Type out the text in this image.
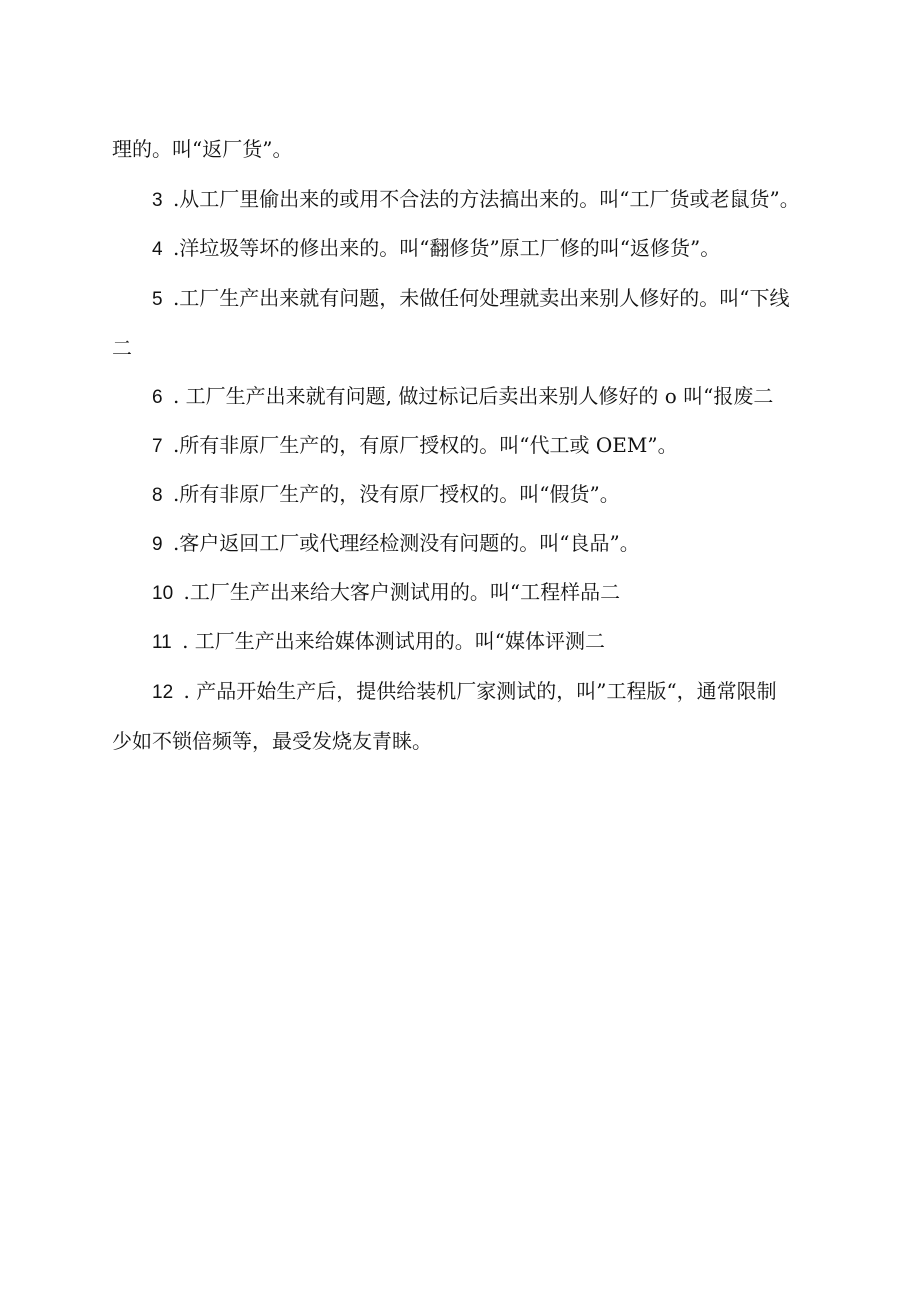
理的。叫“返厂货”。
3 .从工厂里偷出来的或用不合法的方法搞出来的。叫“工厂货或老鼠货”。
4 .洋垃圾等坏的修出来的。叫“翻修货”原工厂修的叫“返修货”。
5 .工厂生产出来就有问题，未做任何处理就卖出来别人修好的。叫“下线
二
6 . 工厂生产出来就有问题, 做过标记后卖出来别人修好的 o 叫“报废二
7 .所有非原厂生产的，有原厂授权的。叫“代工或 OEM”。
8 .所有非原厂生产的，没有原厂授权的。叫“假货”。
9 .客户返回工厂或代理经检测没有问题的。叫“良品”。
10 .工厂生产出来给大客户测试用的。叫“工程样品二
11 . 工厂生产出来给媒体测试用的。叫“媒体评测二
12 . 产品开始生产后，提供给装机厂家测试的，叫”工程版“，通常限制
少如不锁倍频等，最受发烧友青睐。
